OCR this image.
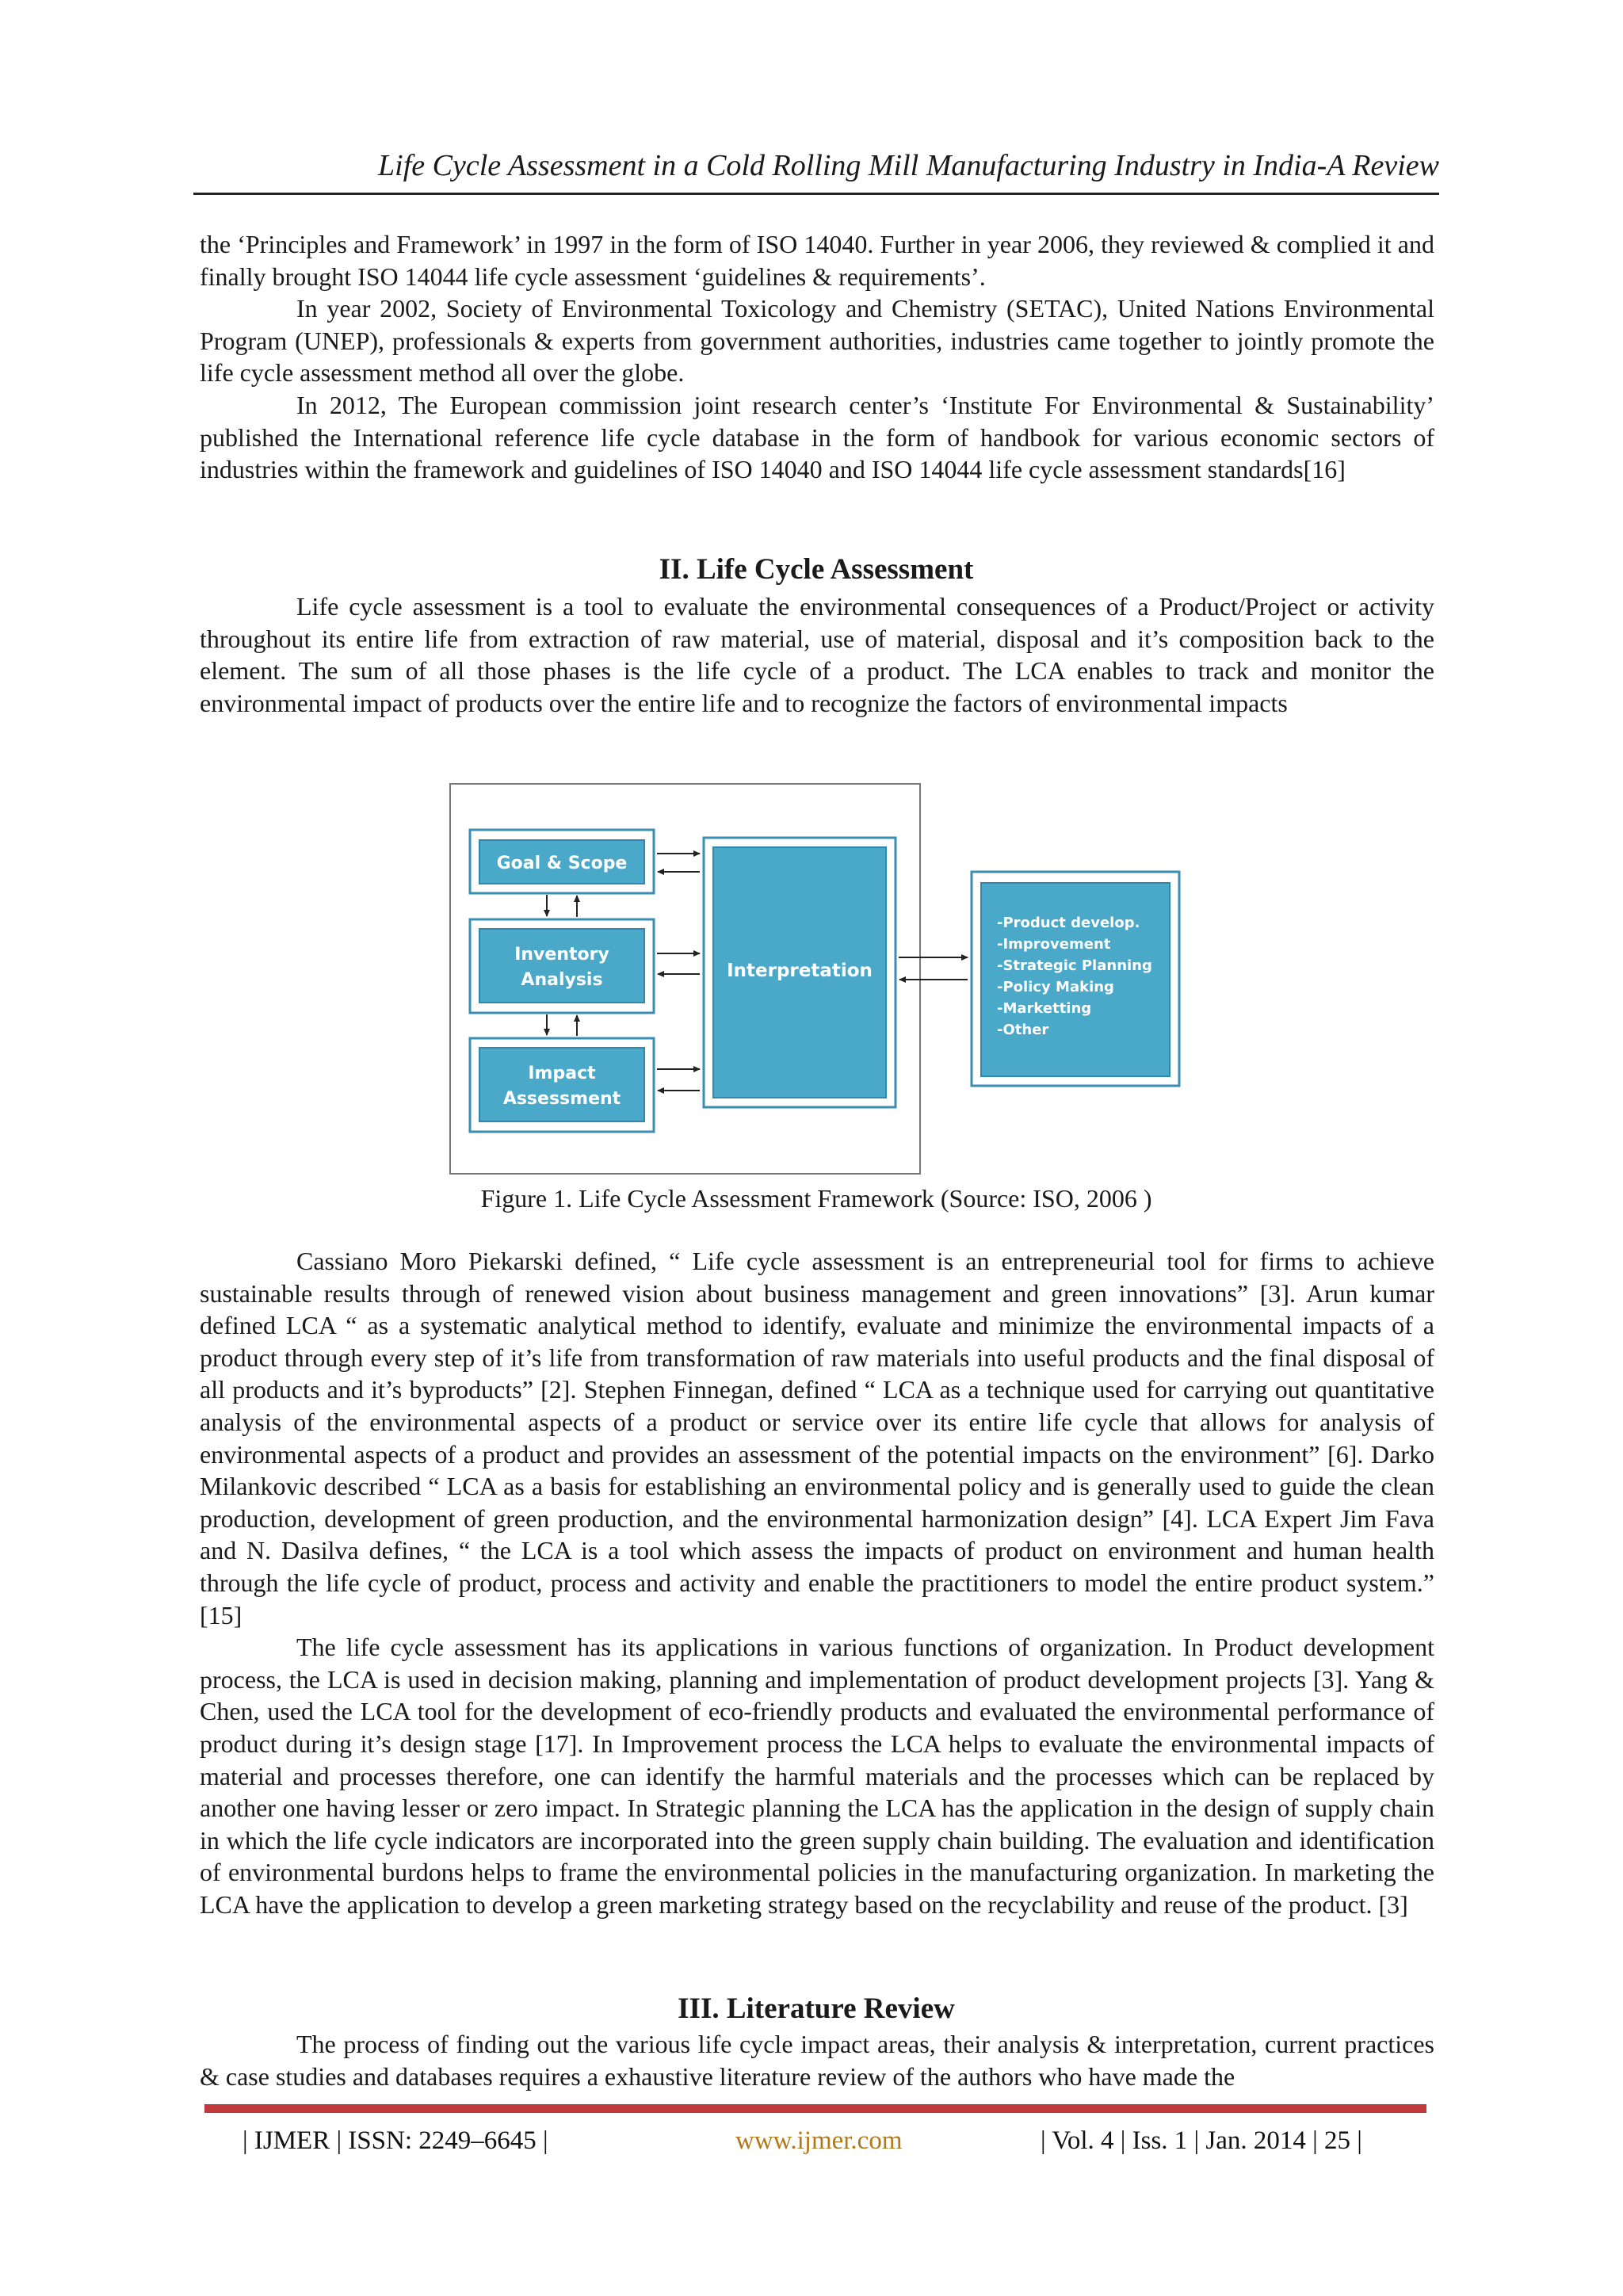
Life Cycle Assessment in a Cold Rolling Mill Manufacturing Industry in India-A Review

the ‘Principles and Framework’ in 1997 in the form of ISO 14040. Further in year 2006, they reviewed & complied it and finally brought ISO 14044 life cycle assessment ‘guidelines & requirements’.

In year 2002, Society of Environmental Toxicology and Chemistry (SETAC), United Nations Environmental Program (UNEP), professionals & experts from government authorities, industries came together to jointly promote the life cycle assessment method all over the globe.

In 2012, The European commission joint research center’s ‘Institute For Environmental & Sustainability’ published the International reference life cycle database in the form of handbook for various economic sectors of industries within the framework and guidelines of ISO 14040 and ISO 14044 life cycle assessment standards[16]

II. Life Cycle Assessment

Life cycle assessment is a tool to evaluate the environmental consequences of a Product/Project or activity throughout its entire life from extraction of raw material, use of material, disposal and it’s composition back to the element. The sum of all those phases is the life cycle of a product. The LCA enables to track and monitor the environmental impact of products over the entire life and to recognize the factors of environmental impacts

Goal & Scope
Inventory
Analysis
Impact
Assessment
Interpretation
-Product develop.
-Improvement
-Strategic Planning
-Policy Making
-Marketting
-Other
Figure 1. Life Cycle Assessment Framework (Source: ISO, 2006 )

Cassiano Moro Piekarski defined, “ Life cycle assessment is an entrepreneurial tool for firms to achieve sustainable results through of renewed vision about business management and green innovations” [3]. Arun kumar defined LCA “ as a systematic analytical method to identify, evaluate and minimize the environmental impacts of a product through every step of it’s life from transformation of raw materials into useful products and the final disposal of all products and it’s byproducts” [2]. Stephen Finnegan, defined “ LCA as a technique used for carrying out quantitative analysis of the environmental aspects of a product or service over its entire life cycle that allows for analysis of environmental aspects of a product and provides an assessment of the potential impacts on the environment” [6]. Darko Milankovic described “ LCA as a basis for establishing an environmental policy and is generally used to guide the clean production, development of green production, and the environmental harmonization design” [4]. LCA Expert Jim Fava and N. Dasilva defines, “ the LCA is a tool which assess the impacts of product on environment and human health through the life cycle of product, process and activity and enable the practitioners to model the entire product system.” [15]

The life cycle assessment has its applications in various functions of organization. In Product development process, the LCA is used in decision making, planning and implementation of product development projects [3]. Yang & Chen, used the LCA tool for the development of eco-friendly products and evaluated the environmental performance of product during it’s design stage [17]. In Improvement process the LCA helps to evaluate the environmental impacts of material and processes therefore, one can identify the harmful materials and the processes which can be replaced by another one having lesser or zero impact. In Strategic planning the LCA has the application in the design of supply chain in which the life cycle indicators are incorporated into the green supply chain building. The evaluation and identification of environmental burdons helps to frame the environmental policies in the manufacturing organization. In marketing the LCA have the application to develop a green marketing strategy based on the recyclability and reuse of the product. [3]

III. Literature Review

The process of finding out the various life cycle impact areas, their analysis & interpretation, current practices & case studies and databases requires a exhaustive literature review of the authors who have made the

| IJMER | ISSN: 2249–6645 |	www.ijmer.com	| Vol. 4 | Iss. 1 | Jan. 2014 | 25 |
